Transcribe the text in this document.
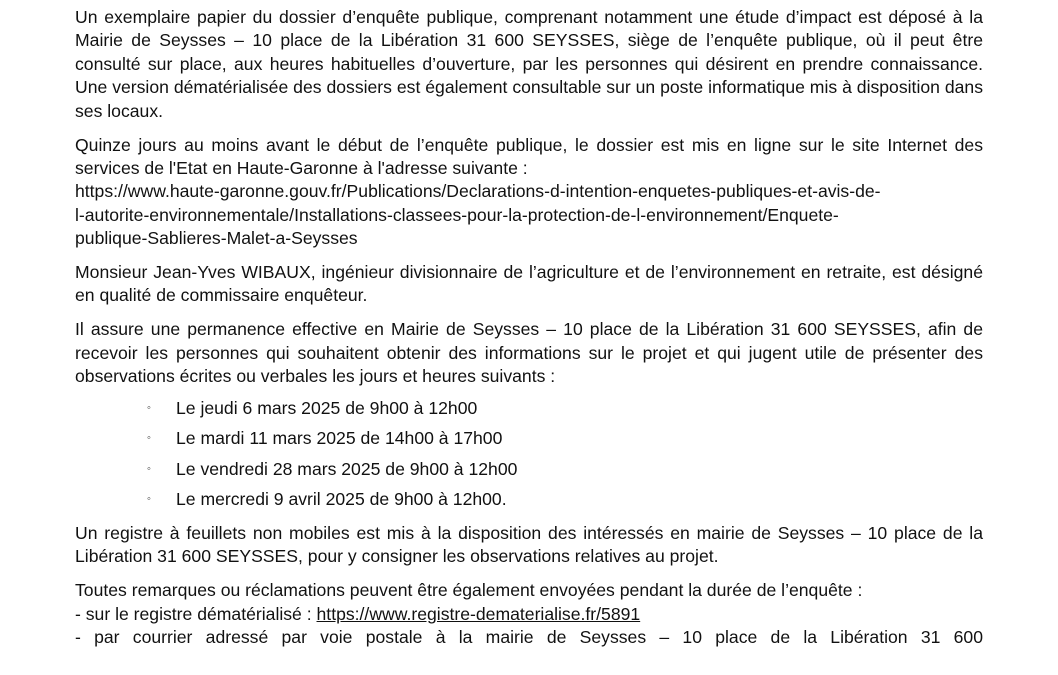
Un exemplaire papier du dossier d’enquête publique, comprenant notamment une étude d’impact est déposé à la Mairie de Seysses – 10 place de la Libération 31 600 SEYSSES, siège de l’enquête publique, où il peut être consulté sur place, aux heures habituelles d’ouverture, par les personnes qui désirent en prendre connaissance. Une version dématérialisée des dossiers est également consultable sur un poste informatique mis à disposition dans ses locaux.

Quinze jours au moins avant le début de l’enquête publique, le dossier est mis en ligne sur le site Internet des services de l'Etat en Haute-Garonne à l'adresse suivante :
https://www.haute-garonne.gouv.fr/Publications/Declarations-d-intention-enquetes-publiques-et-avis-de-
l-autorite-environnementale/Installations-classees-pour-la-protection-de-l-environnement/Enquete-
publique-Sablieres-Malet-a-Seysses

Monsieur Jean-Yves WIBAUX, ingénieur divisionnaire de l’agriculture et de l’environnement en retraite, est désigné en qualité de commissaire enquêteur.

Il assure une permanence effective en Mairie de Seysses – 10 place de la Libération 31 600 SEYSSES, afin de recevoir les personnes qui souhaitent obtenir des informations sur le projet et qui jugent utile de présenter des observations écrites ou verbales les jours et heures suivants :

◦ Le jeudi 6 mars 2025 de 9h00 à 12h00
◦ Le mardi 11 mars 2025 de 14h00 à 17h00
◦ Le vendredi 28 mars 2025 de 9h00 à 12h00
◦ Le mercredi 9 avril 2025 de 9h00 à 12h00.

Un registre à feuillets non mobiles est mis à la disposition des intéressés en mairie de Seysses – 10 place de la Libération 31 600 SEYSSES, pour y consigner les observations relatives au projet.

Toutes remarques ou réclamations peuvent être également envoyées pendant la durée de l’enquête :
- sur le registre dématérialisé : https://www.registre-dematerialise.fr/5891
- par courrier adressé par voie postale à la mairie de Seysses – 10 place de la Libération 31 600
